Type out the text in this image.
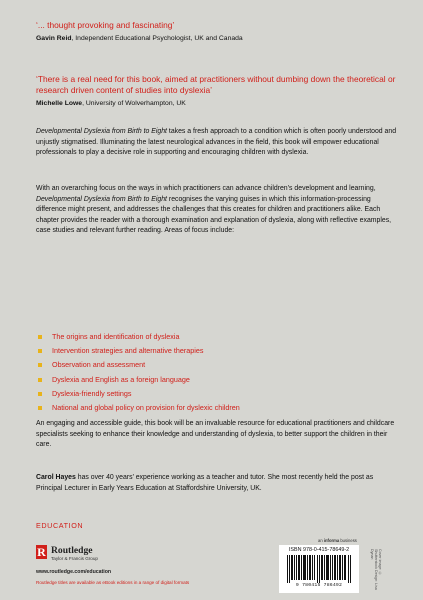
‘... thought provoking and fascinating’
Gavin Reid, Independent Educational Psychologist, UK and Canada
‘There is a real need for this book, aimed at practitioners without dumbing down the theoretical or research driven content of studies into dyslexia’
Michelle Lowe, University of Wolverhampton, UK
Developmental Dyslexia from Birth to Eight takes a fresh approach to a condition which is often poorly understood and unjustly stigmatised. Illuminating the latest neurological advances in the field, this book will empower educational professionals to play a decisive role in supporting and encouraging children with dyslexia.
With an overarching focus on the ways in which practitioners can advance children’s development and learning, Developmental Dyslexia from Birth to Eight recognises the varying guises in which this information-processing difference might present, and addresses the challenges that this creates for children and practitioners alike. Each chapter provides the reader with a thorough examination and explanation of dyslexia, along with reflective examples, case studies and relevant further reading. Areas of focus include:
The origins and identification of dyslexia
Intervention strategies and alternative therapies
Observation and assessment
Dyslexia and English as a foreign language
Dyslexia-friendly settings
National and global policy on provision for dyslexic children
An engaging and accessible guide, this book will be an invaluable resource for educational practitioners and childcare specialists seeking to enhance their knowledge and understanding of dyslexia, to better support the children in their care.
Carol Hayes has over 40 years’ experience working as a teacher and tutor. She most recently held the post as Principal Lecturer in Early Years Education at Staffordshire University, UK.
EDUCATION
R Routledge
Taylor & Francis Group
www.routledge.com/education
Routledge titles are available as eBook editions in a range of digital formats
an informa business
ISBN 978-0-415-78649-2
9 780415 786492
Cover image: © Shutterstock Design: Lisa Dynan
